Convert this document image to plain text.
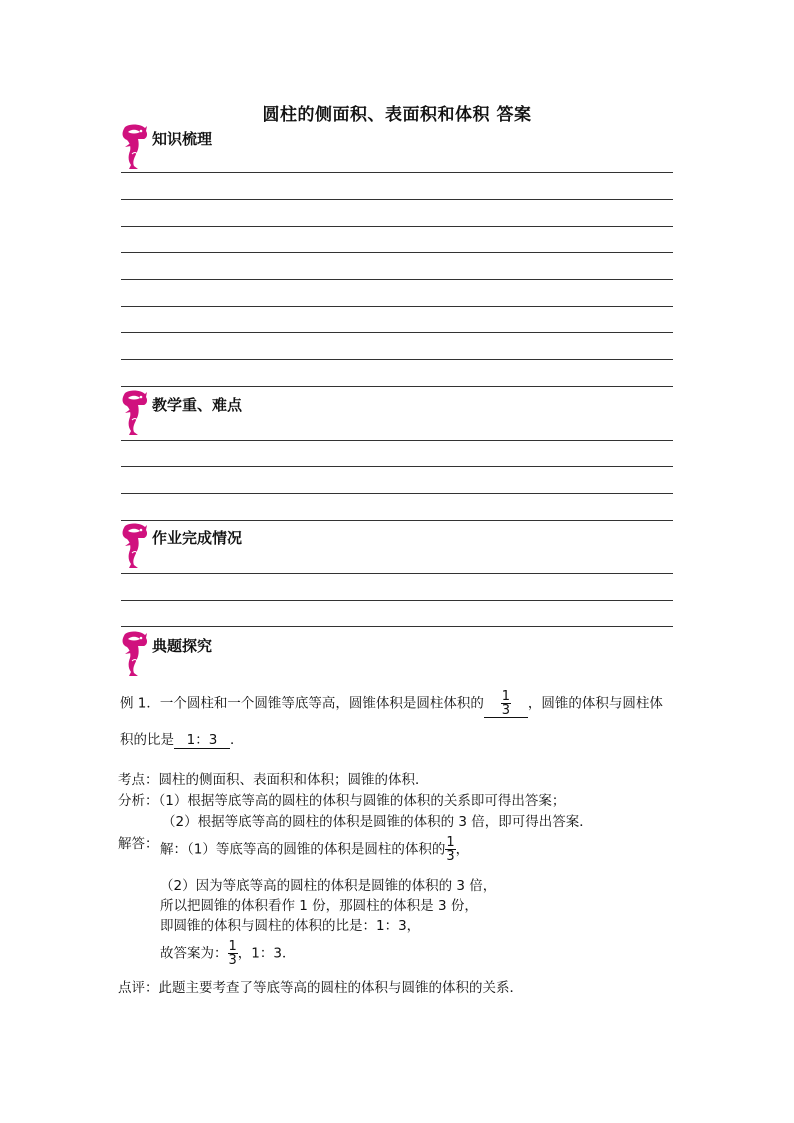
圆柱的侧面积、表面积和体积 答案
知识梳理
教学重、难点
作业完成情况
典题探究
例 1．一个圆柱和一个圆锥等底等高，圆锥体积是圆柱体积的 $\frac{1}{3}$ ，圆锥的体积与圆柱体
积的比是 1：3 ．
考点：圆柱的侧面积、表面积和体积；圆锥的体积．
分析：（1）根据等底等高的圆柱的体积与圆锥的体积的关系即可得出答案；
（2）根据等底等高的圆柱的体积是圆锥的体积的 3 倍，即可得出答案．
解答： 解：（1）等底等高的圆锥的体积是圆柱的体积的 $\frac{1}{3}$ ，
（2）因为等底等高的圆柱的体积是圆锥的体积的 3 倍，
所以把圆锥的体积看作 1 份，那圆柱的体积是 3 份，
即圆锥的体积与圆柱的体积的比是：1：3，
故答案为： $\frac{1}{3}$ ，1：3．
点评：此题主要考查了等底等高的圆柱的体积与圆锥的体积的关系．
